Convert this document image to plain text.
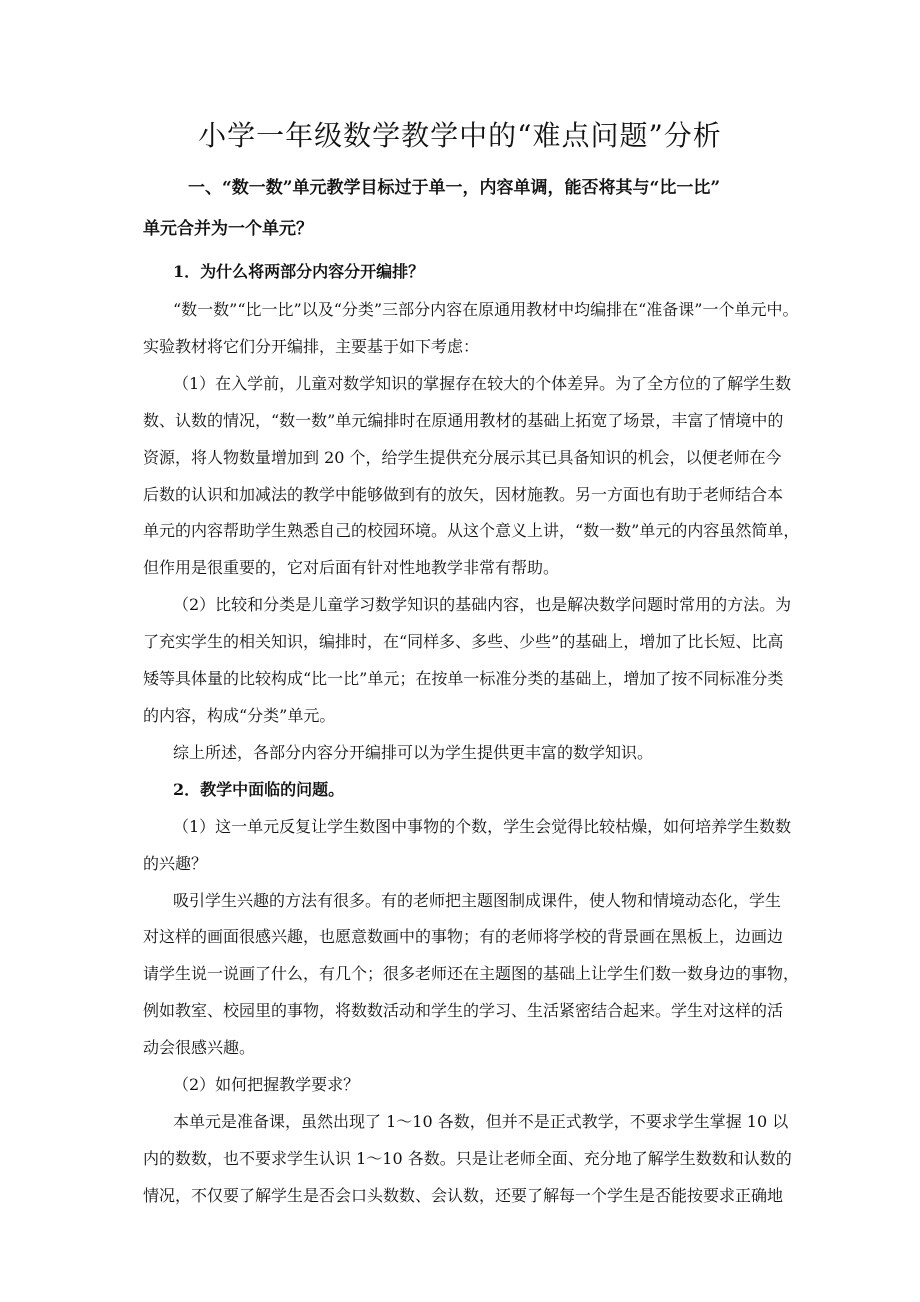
小学一年级数学教学中的“难点问题”分析
一、“数一数”单元教学目标过于单一，内容单调，能否将其与“比一比”
单元合并为一个单元？
1．为什么将两部分内容分开编排？
“数一数”“比一比”以及“分类”三部分内容在原通用教材中均编排在“准备课”一个单元中。
实验教材将它们分开编排，主要基于如下考虑：
（1）在入学前，儿童对数学知识的掌握存在较大的个体差异。为了全方位的了解学生数
数、认数的情况，“数一数”单元编排时在原通用教材的基础上拓宽了场景，丰富了情境中的
资源，将人物数量增加到 20 个，给学生提供充分展示其已具备知识的机会，以便老师在今
后数的认识和加减法的教学中能够做到有的放矢，因材施教。另一方面也有助于老师结合本
单元的内容帮助学生熟悉自己的校园环境。从这个意义上讲，“数一数”单元的内容虽然简单，
但作用是很重要的，它对后面有针对性地教学非常有帮助。
（2）比较和分类是儿童学习数学知识的基础内容，也是解决数学问题时常用的方法。为
了充实学生的相关知识，编排时，在“同样多、多些、少些”的基础上，增加了比长短、比高
矮等具体量的比较构成“比一比”单元；在按单一标准分类的基础上，增加了按不同标准分类
的内容，构成“分类”单元。
综上所述，各部分内容分开编排可以为学生提供更丰富的数学知识。
2．教学中面临的问题。
（1）这一单元反复让学生数图中事物的个数，学生会觉得比较枯燥，如何培养学生数数
的兴趣？
吸引学生兴趣的方法有很多。有的老师把主题图制成课件，使人物和情境动态化，学生
对这样的画面很感兴趣，也愿意数画中的事物；有的老师将学校的背景画在黑板上，边画边
请学生说一说画了什么，有几个；很多老师还在主题图的基础上让学生们数一数身边的事物，
例如教室、校园里的事物，将数数活动和学生的学习、生活紧密结合起来。学生对这样的活
动会很感兴趣。
（2）如何把握教学要求？
本单元是准备课，虽然出现了 1～10 各数，但并不是正式教学，不要求学生掌握 10 以
内的数数，也不要求学生认识 1～10 各数。只是让老师全面、充分地了解学生数数和认数的
情况，不仅要了解学生是否会口头数数、会认数，还要了解每一个学生是否能按要求正确地
